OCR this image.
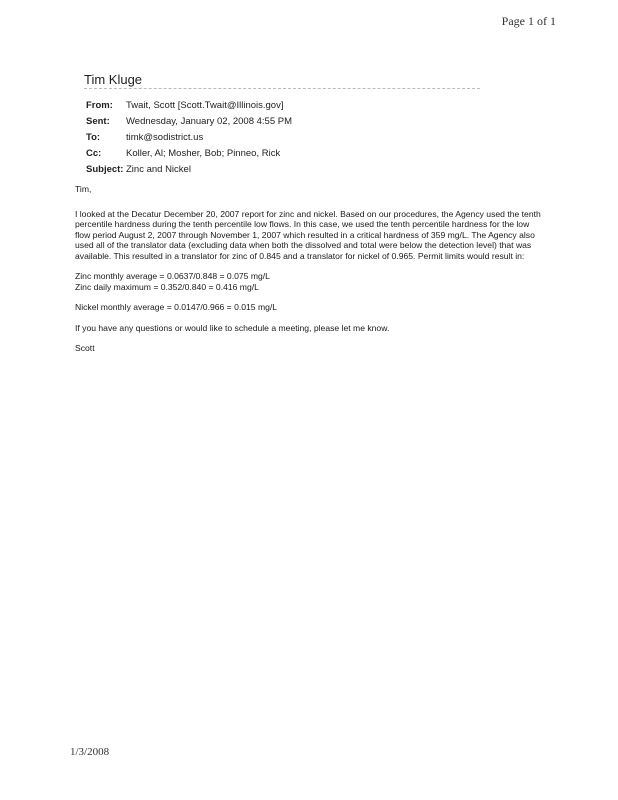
Page 1 of 1
Tim Kluge
From:	Twait, Scott [Scott.Twait@Illinois.gov]
Sent:	Wednesday, January 02, 2008 4:55 PM
To:	timk@sodistrict.us
Cc:	Koller, Al; Mosher, Bob; Pinneo, Rick
Subject: Zinc and Nickel

Tim,

I looked at the Decatur December 20, 2007 report for zinc and nickel. Based on our procedures, the Agency used the tenth percentile hardness during the tenth percentile low flows. In this case, we used the tenth percentile hardness for the low flow period August 2, 2007 through November 1, 2007 which resulted in a critical hardness of 359 mg/L. The Agency also used all of the translator data (excluding data when both the dissolved and total were below the detection level) that was available. This resulted in a translator for zinc of 0.845 and a translator for nickel of 0.965. Permit limits would result in:

Zinc monthly average = 0.0637/0.848 = 0.075 mg/L

Zinc daily maximum = 0.352/0.840 = 0.416 mg/L

Nickel monthly average = 0.0147/0.966 = 0.015 mg/L

If you have any questions or would like to schedule a meeting, please let me know.

Scott

1/3/2008
